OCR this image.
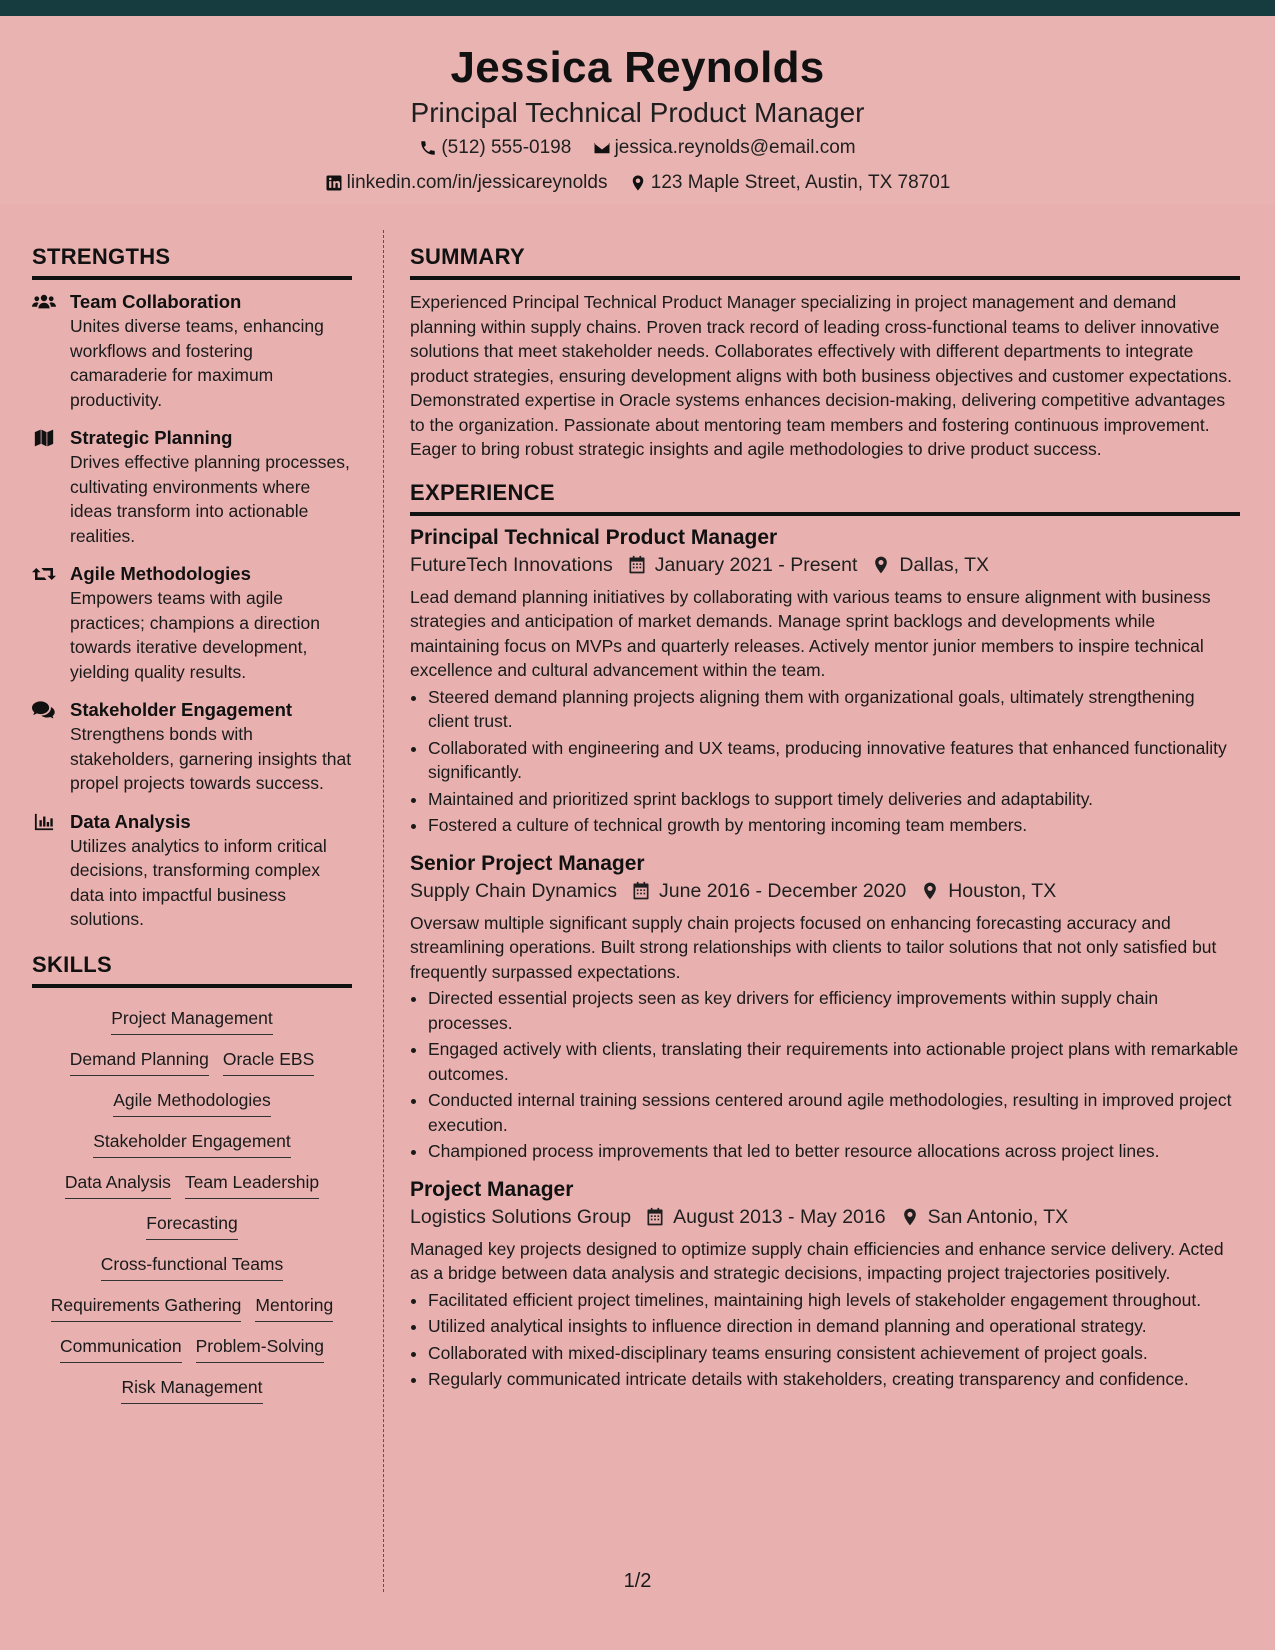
Jessica Reynolds
Principal Technical Product Manager
(512) 555-0198
jessica.reynolds@email.com
linkedin.com/in/jessicareynolds
123 Maple Street, Austin, TX 78701
STRENGTHS
Team Collaboration
Unites diverse teams, enhancing workflows and fostering camaraderie for maximum productivity.
Strategic Planning
Drives effective planning processes, cultivating environments where ideas transform into actionable realities.
Agile Methodologies
Empowers teams with agile practices; champions a direction towards iterative development, yielding quality results.
Stakeholder Engagement
Strengthens bonds with stakeholders, garnering insights that propel projects towards success.
Data Analysis
Utilizes analytics to inform critical decisions, transforming complex data into impactful business solutions.
SKILLS
Project Management
Demand Planning Oracle EBS
Agile Methodologies
Stakeholder Engagement
Data Analysis Team Leadership
Forecasting
Cross-functional Teams
Requirements Gathering Mentoring
Communication Problem-Solving
Risk Management
SUMMARY

Experienced Principal Technical Product Manager specializing in project management and demand planning within supply chains. Proven track record of leading cross-functional teams to deliver innovative solutions that meet stakeholder needs. Collaborates effectively with different departments to integrate product strategies, ensuring development aligns with both business objectives and customer expectations. Demonstrated expertise in Oracle systems enhances decision-making, delivering competitive advantages to the organization. Passionate about mentoring team members and fostering continuous improvement. Eager to bring robust strategic insights and agile methodologies to drive product success.

EXPERIENCE
Principal Technical Product Manager
FutureTech Innovations January 2021 - Present Dallas, TX

Lead demand planning initiatives by collaborating with various teams to ensure alignment with business strategies and anticipation of market demands. Manage sprint backlogs and developments while maintaining focus on MVPs and quarterly releases. Actively mentor junior members to inspire technical excellence and cultural advancement within the team.

• Steered demand planning projects aligning them with organizational goals, ultimately strengthening client trust.
• Collaborated with engineering and UX teams, producing innovative features that enhanced functionality significantly.
• Maintained and prioritized sprint backlogs to support timely deliveries and adaptability.
• Fostered a culture of technical growth by mentoring incoming team members.
Senior Project Manager
Supply Chain Dynamics June 2016 - December 2020 Houston, TX

Oversaw multiple significant supply chain projects focused on enhancing forecasting accuracy and streamlining operations. Built strong relationships with clients to tailor solutions that not only satisfied but frequently surpassed expectations.

• Directed essential projects seen as key drivers for efficiency improvements within supply chain processes.
• Engaged actively with clients, translating their requirements into actionable project plans with remarkable outcomes.
• Conducted internal training sessions centered around agile methodologies, resulting in improved project execution.
• Championed process improvements that led to better resource allocations across project lines.
Project Manager
Logistics Solutions Group August 2013 - May 2016 San Antonio, TX

Managed key projects designed to optimize supply chain efficiencies and enhance service delivery. Acted as a bridge between data analysis and strategic decisions, impacting project trajectories positively.

• Facilitated efficient project timelines, maintaining high levels of stakeholder engagement throughout.
• Utilized analytical insights to influence direction in demand planning and operational strategy.
• Collaborated with mixed-disciplinary teams ensuring consistent achievement of project goals.
• Regularly communicated intricate details with stakeholders, creating transparency and confidence.
1/2
